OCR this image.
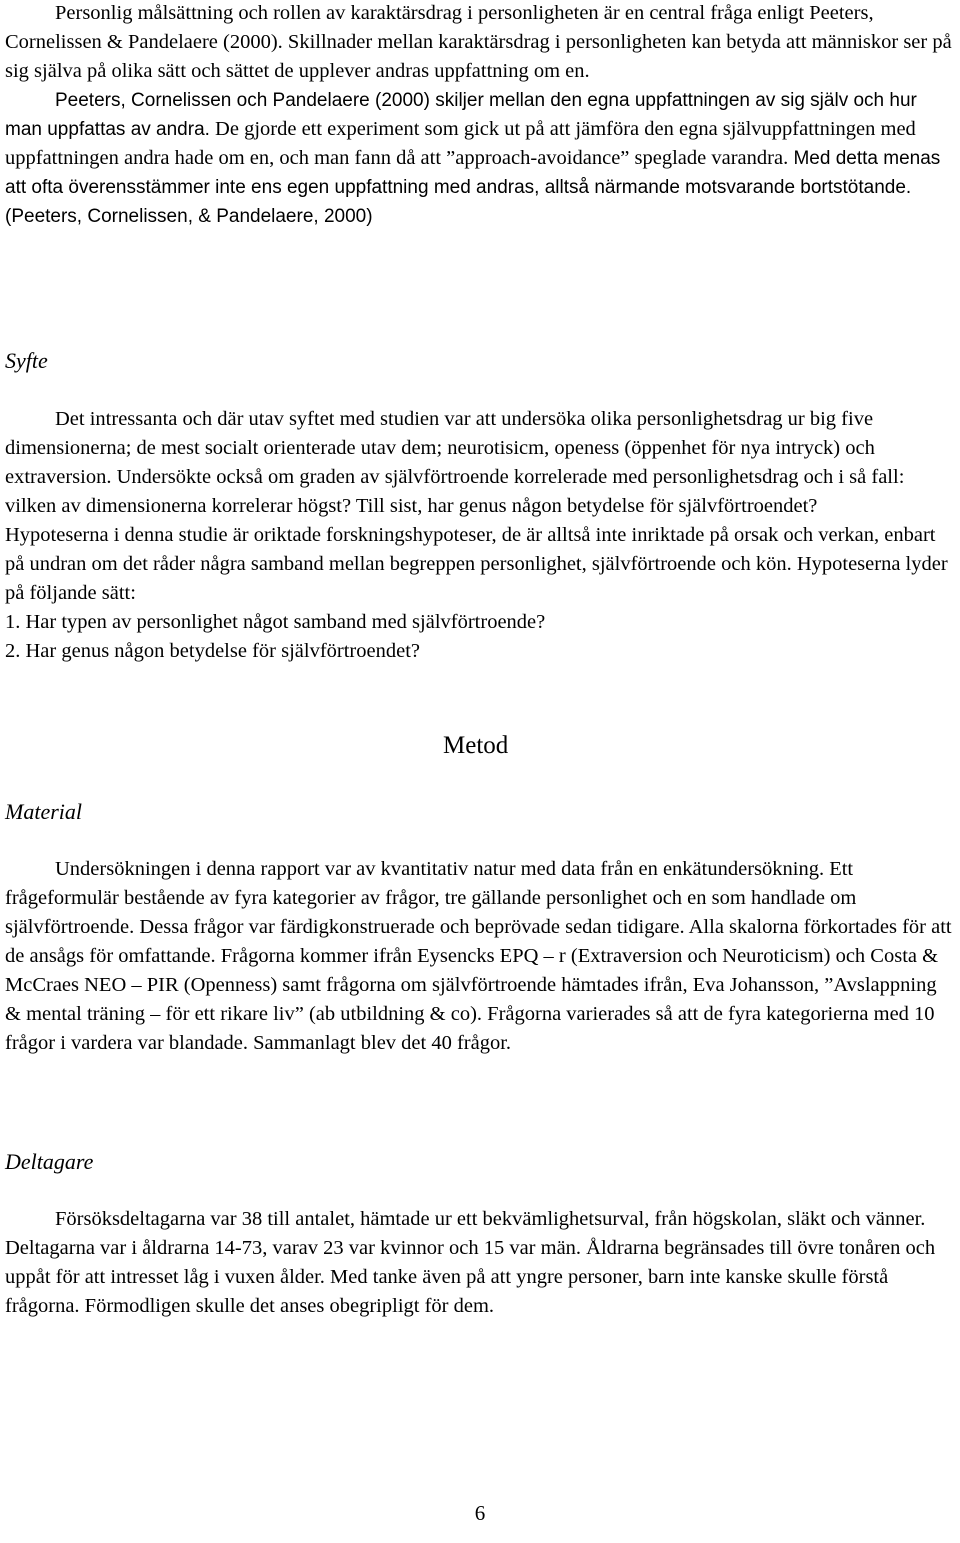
Personlig målsättning och rollen av karaktärsdrag i personligheten är en central fråga enligt Peeters, Cornelissen & Pandelaere (2000). Skillnader mellan karaktärsdrag i personligheten kan betyda att människor ser på sig själva på olika sätt och sättet de upplever andras uppfattning om en.

Peeters, Cornelissen och Pandelaere (2000) skiljer mellan den egna uppfattningen av sig själv och hur man uppfattas av andra. De gjorde ett experiment som gick ut på att jämföra den egna självuppfattningen med uppfattningen andra hade om en, och man fann då att ”approach-avoidance” speglade varandra. Med detta menas att ofta överensstämmer inte ens egen uppfattning med andras, alltså närmande motsvarande bortstötande.

(Peeters, Cornelissen, & Pandelaere, 2000)

Syfte

Det intressanta och där utav syftet med studien var att undersöka olika personlighetsdrag ur big five dimensionerna; de mest socialt orienterade utav dem; neurotisicm, openess (öppenhet för nya intryck) och extraversion. Undersökte också om graden av självförtroende korrelerade med personlighetsdrag och i så fall: vilken av dimensionerna korrelerar högst? Till sist, har genus någon betydelse för självförtroendet?

Hypoteserna i denna studie är oriktade forskningshypoteser, de är alltså inte inriktade på orsak och verkan, enbart på undran om det råder några samband mellan begreppen personlighet, självförtroende och kön. Hypoteserna lyder på följande sätt:

1. Har typen av personlighet något samband med självförtroende?

2. Har genus någon betydelse för självförtroendet?

Metod
Material

Undersökningen i denna rapport var av kvantitativ natur med data från en enkätundersökning. Ett frågeformulär bestående av fyra kategorier av frågor, tre gällande personlighet och en som handlade om självförtroende. Dessa frågor var färdigkonstruerade och beprövade sedan tidigare. Alla skalorna förkortades för att de ansågs för omfattande. Frågorna kommer ifrån Eysencks EPQ – r (Extraversion och Neuroticism) och Costa & McCraes NEO – PIR (Openness) samt frågorna om självförtroende hämtades ifrån, Eva Johansson, ”Avslappning & mental träning – för ett rikare liv” (ab utbildning & co). Frågorna varierades så att de fyra kategorierna med 10 frågor i vardera var blandade. Sammanlagt blev det 40 frågor.

Deltagare

Försöksdeltagarna var 38 till antalet, hämtade ur ett bekvämlighetsurval, från högskolan, släkt och vänner. Deltagarna var i åldrarna 14-73, varav 23 var kvinnor och 15 var män. Åldrarna begränsades till övre tonåren och uppåt för att intresset låg i vuxen ålder. Med tanke även på att yngre personer, barn inte kanske skulle förstå frågorna. Förmodligen skulle det anses obegripligt för dem.

6
